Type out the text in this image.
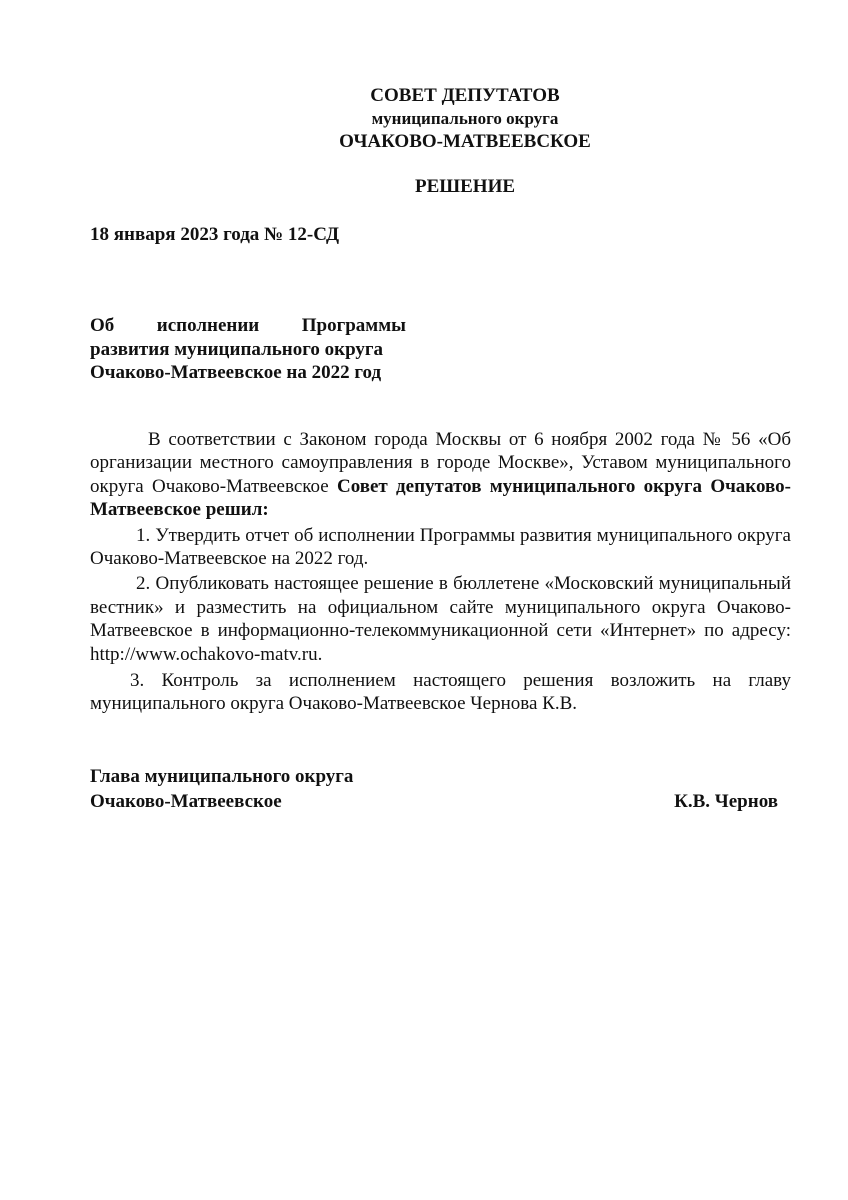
СОВЕТ ДЕПУТАТОВ
муниципального округа
ОЧАКОВО-МАТВЕЕВСКОЕ
РЕШЕНИЕ
18 января 2023 года № 12-СД
Об исполнении Программы
развития муниципального округа
Очаково-Матвеевское на 2022 год

В соответствии с Законом города Москвы от 6 ноября 2002 года № 56 «Об организации местного самоуправления в городе Москве», Уставом муниципального округа Очаково-Матвеевское Совет депутатов муниципального округа Очаково-Матвеевское решил:

1. Утвердить отчет об исполнении Программы развития муниципального округа Очаково-Матвеевское на 2022 год.

2. Опубликовать настоящее решение в бюллетене «Московский муниципальный вестник» и разместить на официальном сайте муниципального округа Очаково-Матвеевское в информационно-телекоммуникационной сети «Интернет» по адресу: http://www.ochakovo-matv.ru.

3. Контроль за исполнением настоящего решения возложить на главу муниципального округа Очаково-Матвеевское Чернова К.В.

Глава муниципального округа
Очаково-Матвеевское	К.В. Чернов
